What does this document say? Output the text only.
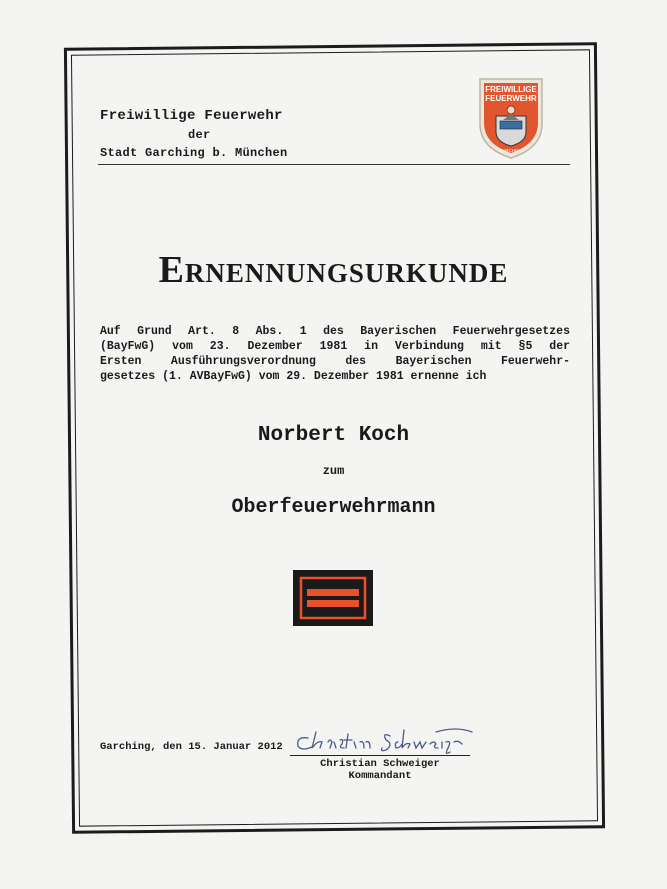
Freiwillige Feuerwehr
der
Stadt Garching b. München
FREIWILLIGE
FEUERWEHR
GARCHING
Ernennungsurkunde
Auf Grund Art. 8 Abs. 1 des Bayerischen Feuerwehrgesetzes
(BayFwG) vom 23. Dezember 1981 in Verbindung mit §5 der
Ersten Ausführungsverordnung des Bayerischen Feuerwehr-
gesetzes (1. AVBayFwG) vom 29. Dezember 1981 ernenne ich
Norbert Koch
zum
Oberfeuerwehrmann
Garching, den 15. Januar 2012
Christian Schweiger
Kommandant
